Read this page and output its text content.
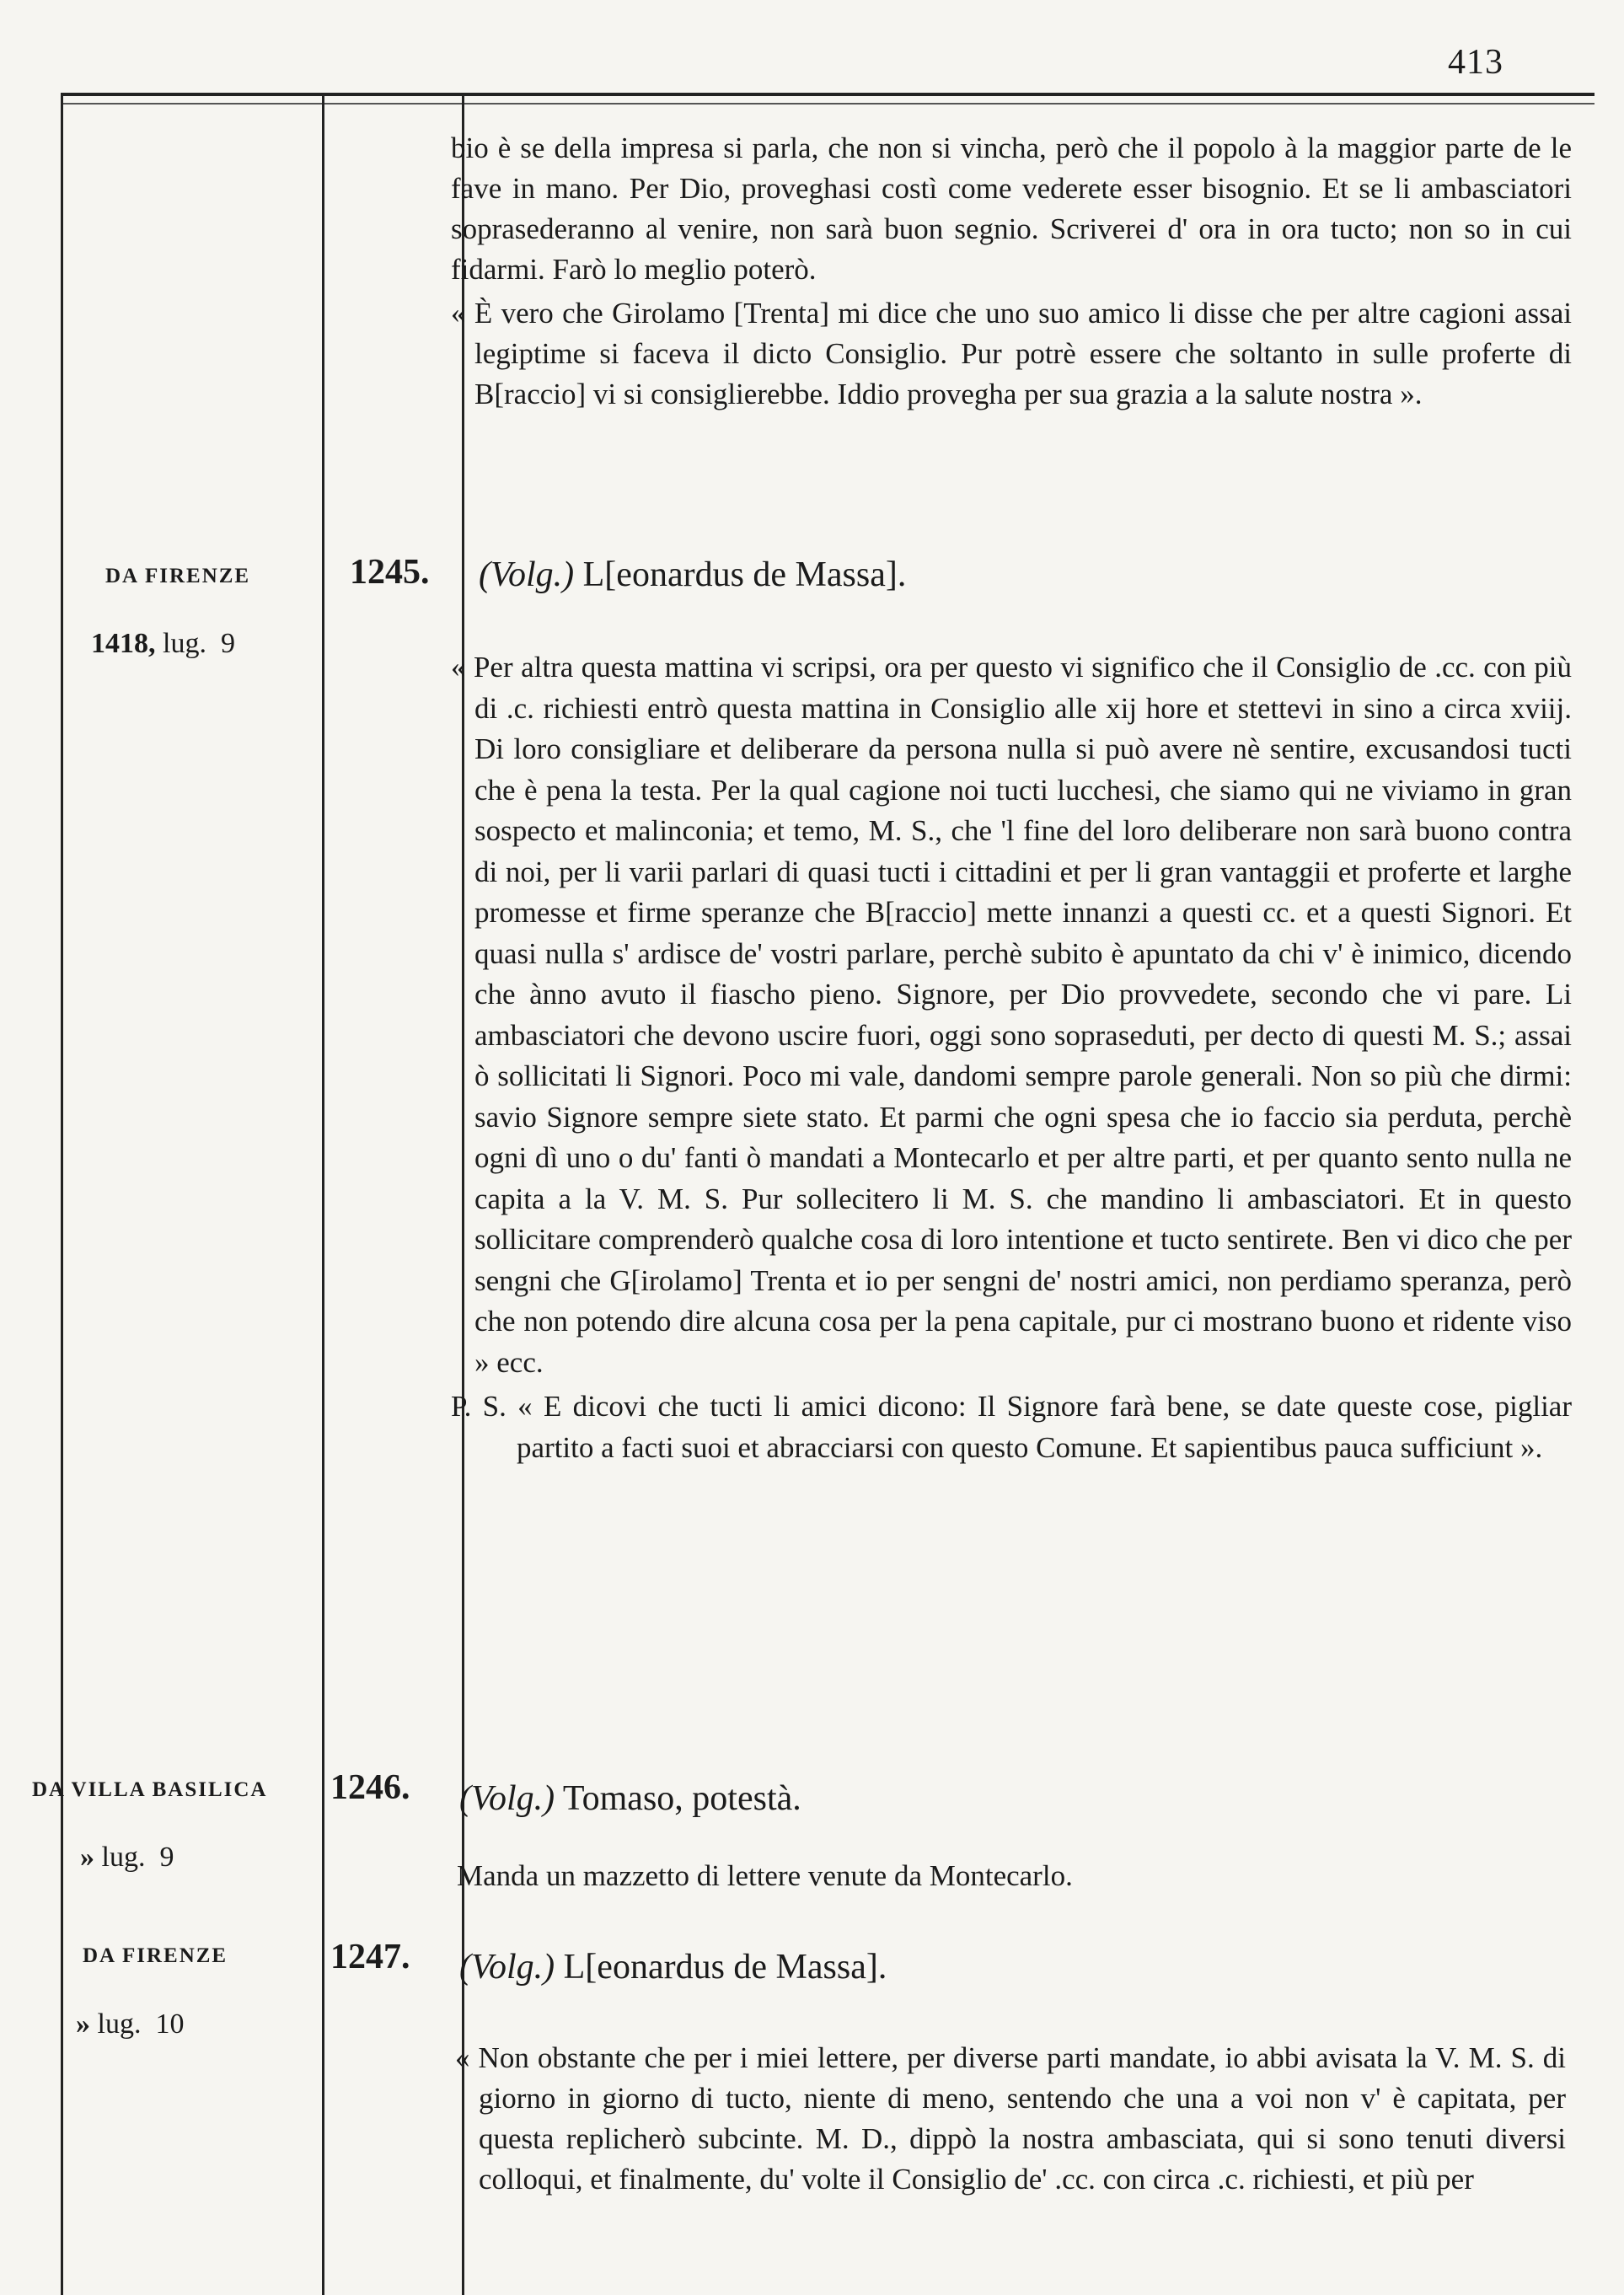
413

bio è se della impresa si parla, che non si vincha, però che il popolo à la maggior parte de le fave in mano. Per Dio, proveghasi costì come vederete esser bisognio. Et se li ambasciatori soprasederanno al venire, non sarà buon segnio. Scriverei d' ora in ora tucto; non so in cui fidarmi. Farò lo meglio poterò.

« È vero che Girolamo [Trenta] mi dice che uno suo amico li disse che per altre cagioni assai legiptime si faceva il dicto Consiglio. Pur potrè essere che soltanto in sulle proferte di B[raccio] vi si consiglierebbe. Iddio provegha per sua grazia a la salute nostra ».

DA FIRENZE
1418, lug.  9
1245. (Volg.) L[eonardus de Massa].

« Per altra questa mattina vi scripsi, ora per questo vi significo che il Consiglio de .cc. con più di .c. richiesti entrò questa mattina in Consiglio alle xij hore et stettevi in sino a circa xviij. Di loro consigliare et deliberare da persona nulla si può avere nè sentire, excusandosi tucti che è pena la testa. Per la qual cagione noi tucti lucchesi, che siamo qui ne viviamo in gran sospecto et malinconia; et temo, M. S., che 'l fine del loro deliberare non sarà buono contra di noi, per li varii parlari di quasi tucti i cittadini et per li gran vantaggii et proferte et larghe promesse et firme speranze che B[raccio] mette innanzi a questi cc. et a questi Signori. Et quasi nulla s' ardisce de' vostri parlare, perchè subito è apuntato da chi v' è inimico, dicendo che ànno avuto il fiascho pieno. Signore, per Dio provvedete, secondo che vi pare. Li ambasciatori che devono uscire fuori, oggi sono sopraseduti, per decto di questi M. S.; assai ò sollicitati li Signori. Poco mi vale, dandomi sempre parole generali. Non so più che dirmi: savio Signore sempre siete stato. Et parmi che ogni spesa che io faccio sia perduta, perchè ogni dì uno o du' fanti ò mandati a Montecarlo et per altre parti, et per quanto sento nulla ne capita a la V. M. S. Pur sollecitero li M. S. che mandino li ambasciatori. Et in questo sollicitare comprenderò qualche cosa di loro intentione et tucto sentirete. Ben vi dico che per sengni che G[irolamo] Trenta et io per sengni de' nostri amici, non perdiamo speranza, però che non potendo dire alcuna cosa per la pena capitale, pur ci mostrano buono et ridente viso » ecc.

P. S. « E dicovi che tucti li amici dicono: Il Signore farà bene, se date queste cose, pigliar partito a facti suoi et abracciarsi con questo Comune. Et sapientibus pauca sufficiunt ».

DA VILLA BASILICA
» lug.  9
1246. (Volg.) Tomaso, potestà.
Manda un mazzetto di lettere venute da Montecarlo.
DA FIRENZE
» lug.  10
1247. (Volg.) L[eonardus de Massa].

« Non obstante che per i miei lettere, per diverse parti mandate, io abbi avisata la V. M. S. di giorno in giorno di tucto, niente di meno, sentendo che una a voi non v' è capitata, per questa replicherò subcinte. M. D., dippò la nostra ambasciata, qui si sono tenuti diversi colloqui, et finalmente, du' volte il Consiglio de' .cc. con circa .c. richiesti, et più per
